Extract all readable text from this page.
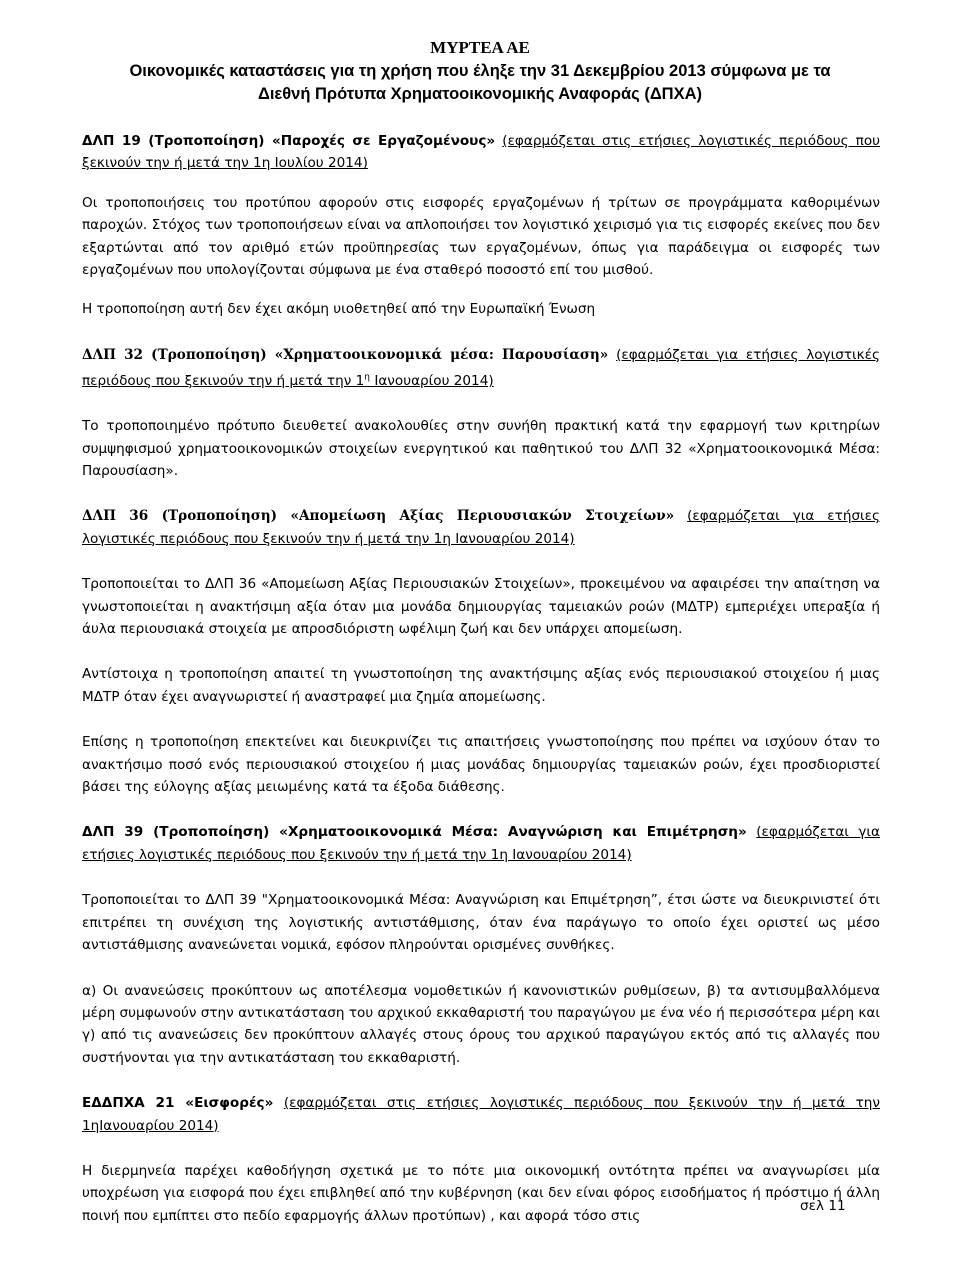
ΜΥΡΤΕΑ ΑΕ
Οικονομικές καταστάσεις για τη χρήση που έληξε την 31 Δεκεμβρίου 2013 σύμφωνα με τα
Διεθνή Πρότυπα Χρηματοοικονομικής Αναφοράς (ΔΠΧΑ)

ΔΛΠ 19 (Τροποποίηση) «Παροχές σε Εργαζομένους» (εφαρμόζεται στις ετήσιες λογιστικές περιόδους που ξεκινούν την ή μετά την 1η Ιουλίου 2014)

Οι τροποποιήσεις του προτύπου αφορούν στις εισφορές εργαζομένων ή τρίτων σε προγράμματα καθοριμένων παροχών. Στόχος των τροποποιήσεων είναι να απλοποιήσει τον λογιστικό χειρισμό για τις εισφορές εκείνες που δεν εξαρτώνται από τον αριθμό ετών προϋπηρεσίας των εργαζομένων, όπως για παράδειγμα οι εισφορές των εργαζομένων που υπολογίζονται σύμφωνα με ένα σταθερό ποσοστό επί του μισθού.

Η τροποποίηση αυτή δεν έχει ακόμη υιοθετηθεί από την Ευρωπαϊκή Ένωση

ΔΛΠ 32 (Τροποποίηση) «Χρηματοοικονομικά μέσα: Παρουσίαση» (εφαρμόζεται για ετήσιες λογιστικές περιόδους που ξεκινούν την ή μετά την $1^\eta$ Ιανουαρίου 2014)

Το τροποποιημένο πρότυπο διευθετεί ανακολουθίες στην συνήθη πρακτική κατά την εφαρμογή των κριτηρίων συμψηφισμού χρηματοοικονομικών στοιχείων ενεργητικού και παθητικού του ΔΛΠ 32 «Χρηματοοικονομικά Μέσα: Παρουσίαση».

ΔΛΠ 36 (Τροποποίηση) «Απομείωση Αξίας Περιουσιακών Στοιχείων» (εφαρμόζεται για ετήσιες λογιστικές περιόδους που ξεκινούν την ή μετά την 1η Ιανουαρίου 2014)

Τροποποιείται το ΔΛΠ 36 «Απομείωση Αξίας Περιουσιακών Στοιχείων», προκειμένου να αφαιρέσει την απαίτηση να γνωστοποιείται η ανακτήσιμη αξία όταν μια μονάδα δημιουργίας ταμειακών ροών (ΜΔΤΡ) εμπεριέχει υπεραξία ή άυλα περιουσιακά στοιχεία με απροσδιόριστη ωφέλιμη ζωή και δεν υπάρχει απομείωση.

Αντίστοιχα η τροποποίηση απαιτεί τη γνωστοποίηση της ανακτήσιμης αξίας ενός περιουσιακού στοιχείου ή μιας ΜΔΤΡ όταν έχει αναγνωριστεί ή αναστραφεί μια ζημία απομείωσης.

Επίσης η τροποποίηση επεκτείνει και διευκρινίζει τις απαιτήσεις γνωστοποίησης που πρέπει να ισχύουν όταν το ανακτήσιμο ποσό ενός περιουσιακού στοιχείου ή μιας μονάδας δημιουργίας ταμειακών ροών, έχει προσδιοριστεί βάσει της εύλογης αξίας μειωμένης κατά τα έξοδα διάθεσης.

ΔΛΠ 39 (Τροποποίηση) «Χρηματοοικονομικά Μέσα: Αναγνώριση και Επιμέτρηση» (εφαρμόζεται για ετήσιες λογιστικές περιόδους που ξεκινούν την ή μετά την 1η Ιανουαρίου 2014)

Τροποποιείται το ΔΛΠ 39 "Χρηματοοικονομικά Μέσα: Αναγνώριση και Επιμέτρηση”, έτσι ώστε να διευκρινιστεί ότι επιτρέπει τη συνέχιση της λογιστικής αντιστάθμισης, όταν ένα παράγωγο το οποίο έχει οριστεί ως μέσο αντιστάθμισης ανανεώνεται νομικά, εφόσον πληρούνται ορισμένες συνθήκες.

α) Οι ανανεώσεις προκύπτουν ως αποτέλεσμα νομοθετικών ή κανονιστικών ρυθμίσεων, β) τα αντισυμβαλλόμενα μέρη συμφωνούν στην αντικατάσταση του αρχικού εκκαθαριστή του παραγώγου με ένα νέο ή περισσότερα μέρη και γ) από τις ανανεώσεις δεν προκύπτουν αλλαγές στους όρους του αρχικού παραγώγου εκτός από τις αλλαγές που συστήνονται για την αντικατάσταση του εκκαθαριστή.

ΕΔΔΠΧΑ 21 «Εισφορές» (εφαρμόζεται στις ετήσιες λογιστικές περιόδους που ξεκινούν την ή μετά την 1ηΙανουαρίου 2014)

Η διερμηνεία παρέχει καθοδήγηση σχετικά με το πότε μια οικονομική οντότητα πρέπει να αναγνωρίσει μία υποχρέωση για εισφορά που έχει επιβληθεί από την κυβέρνηση (και δεν είναι φόρος εισοδήματος ή πρόστιμο ή άλλη ποινή που εμπίπτει στο πεδίο εφαρμογής άλλων προτύπων) , και αφορά τόσο στις

σελ 11
